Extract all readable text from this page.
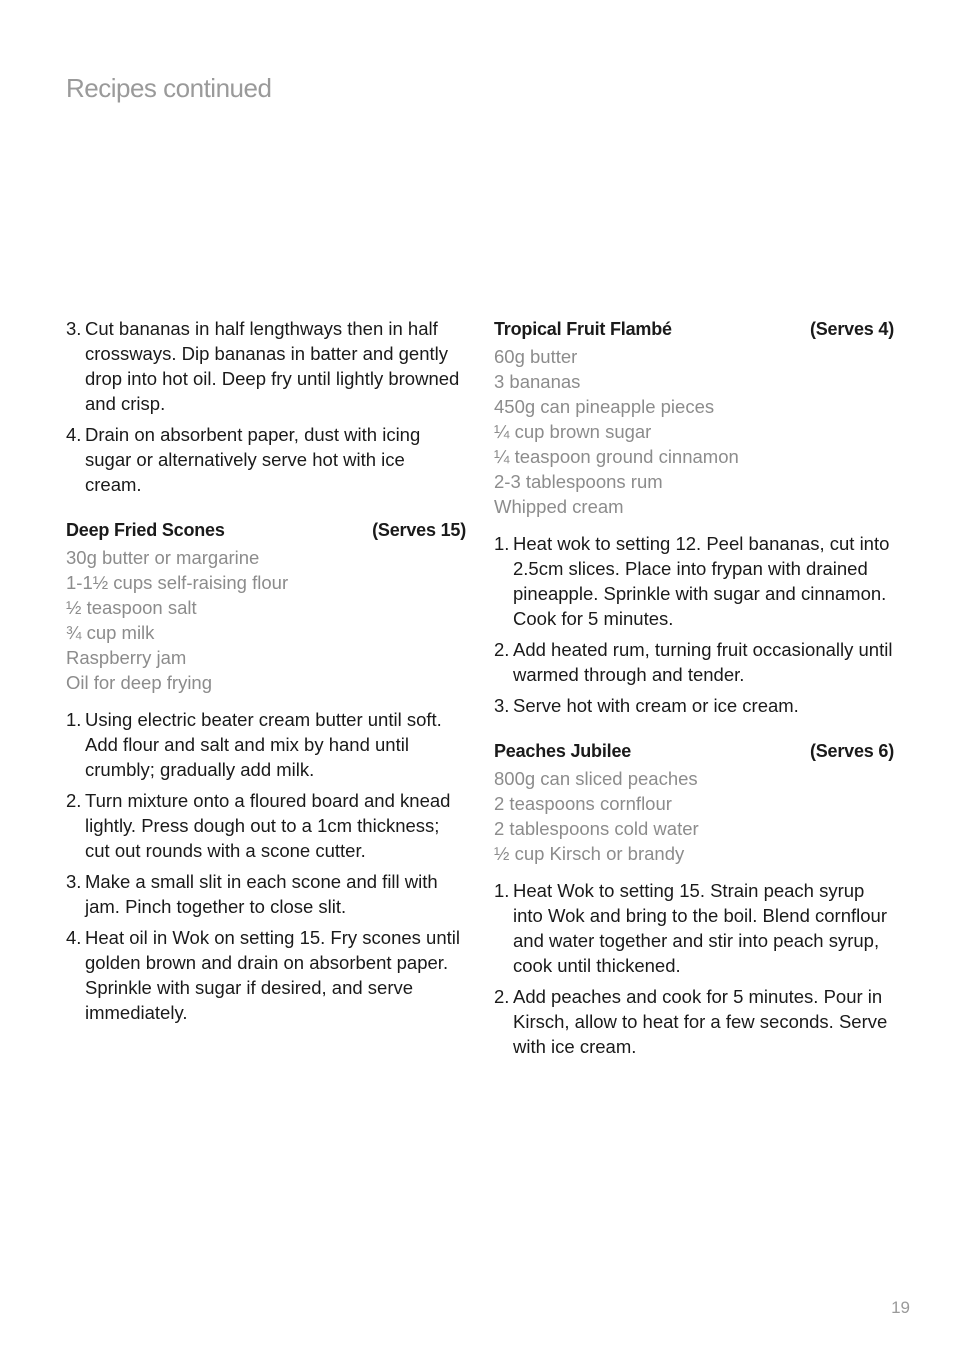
Recipes continued
3. Cut bananas in half lengthways then in half crossways. Dip bananas in batter and gently drop into hot oil. Deep fry until lightly browned and crisp.
4. Drain on absorbent paper, dust with icing sugar or alternatively serve hot with ice cream.
Deep Fried Scones	(Serves 15)
30g butter or margarine
1-1½ cups self-raising flour
½ teaspoon salt
¾ cup milk
Raspberry jam
Oil for deep frying
1. Using electric beater cream butter until soft. Add flour and salt and mix by hand until crumbly; gradually add milk.
2. Turn mixture onto a floured board and knead lightly. Press dough out to a 1cm thickness; cut out rounds with a scone cutter.
3. Make a small slit in each scone and fill with jam. Pinch together to close slit.
4. Heat oil in Wok on setting 15. Fry scones until golden brown and drain on absorbent paper. Sprinkle with sugar if desired, and serve immediately.
Tropical Fruit Flambé	(Serves 4)
60g butter
3 bananas
450g can pineapple pieces
¼ cup brown sugar
¼ teaspoon ground cinnamon
2-3 tablespoons rum
Whipped cream
1. Heat wok to setting 12. Peel bananas, cut into 2.5cm slices. Place into frypan with drained pineapple. Sprinkle with sugar and cinnamon. Cook for 5 minutes.
2. Add heated rum, turning fruit occasionally until warmed through and tender.
3. Serve hot with cream or ice cream.
Peaches Jubilee	(Serves 6)
800g can sliced peaches
2 teaspoons cornflour
2 tablespoons cold water
½ cup Kirsch or brandy
1. Heat Wok to setting 15. Strain peach syrup into Wok and bring to the boil. Blend cornflour and water together and stir into peach syrup, cook until thickened.
2. Add peaches and cook for 5 minutes. Pour in Kirsch, allow to heat for a few seconds. Serve with ice cream.
19
